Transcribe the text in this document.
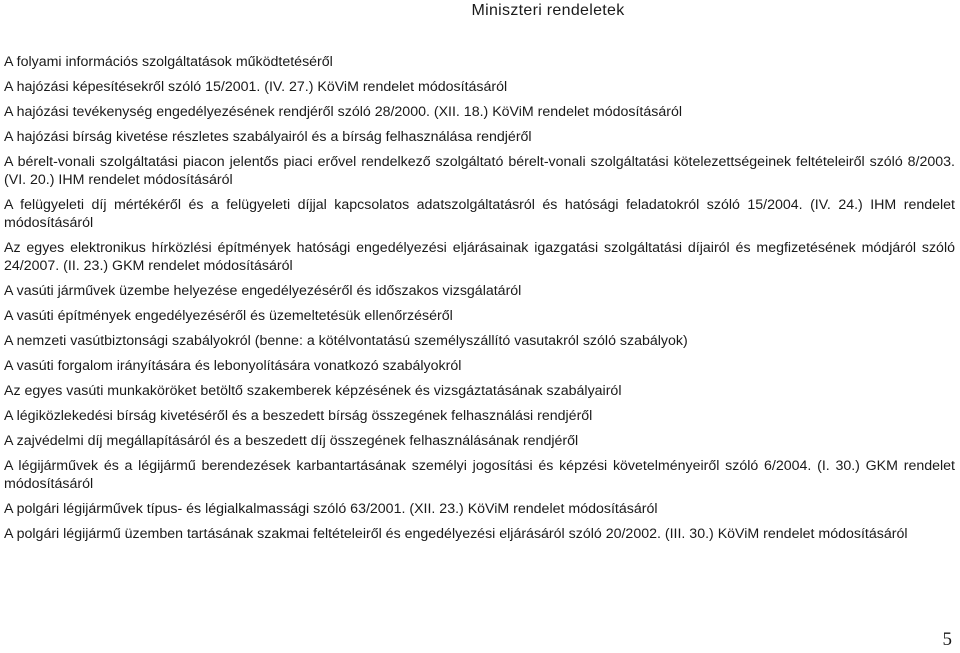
Miniszteri rendeletek

A folyami információs szolgáltatások működtetéséről

A hajózási képesítésekről szóló 15/2001. (IV. 27.) KöViM rendelet módosításáról

A hajózási tevékenység engedélyezésének rendjéről szóló 28/2000. (XII. 18.) KöViM rendelet módosításáról

A hajózási bírság kivetése részletes szabályairól és a bírság felhasználása rendjéről

A bérelt-vonali szolgáltatási piacon jelentős piaci erővel rendelkező szolgáltató bérelt-vonali szolgáltatási kötelezettségeinek feltételeiről szóló 8/2003. (VI. 20.) IHM rendelet módosításáról

A felügyeleti díj mértékéről és a felügyeleti díjjal kapcsolatos adatszolgáltatásról és hatósági feladatokról szóló 15/2004. (IV. 24.) IHM rendelet módosításáról

Az egyes elektronikus hírközlési építmények hatósági engedélyezési eljárásainak igazgatási szolgáltatási díjairól és megfizetésének módjáról szóló 24/2007. (II. 23.) GKM rendelet módosításáról

A vasúti járművek üzembe helyezése engedélyezéséről és időszakos vizsgálatáról

A vasúti építmények engedélyezéséről és üzemeltetésük ellenőrzéséről

A nemzeti vasútbiztonsági szabályokról (benne: a kötélvontatású személyszállító vasutakról szóló szabályok)

A vasúti forgalom irányítására és lebonyolítására vonatkozó szabályokról

Az egyes vasúti munkaköröket betöltő szakemberek képzésének és vizsgáztatásának szabályairól

A légiközlekedési bírság kivetéséről és a beszedett bírság összegének felhasználási rendjéről

A zajvédelmi díj megállapításáról és a beszedett díj összegének felhasználásának rendjéről

A légijárművek és a légijármű berendezések karbantartásának személyi jogosítási és képzési követelményeiről szóló 6/2004. (I. 30.) GKM rendelet módosításáról

A polgári légijárművek típus- és légialkalmassági szóló 63/2001. (XII. 23.) KöViM rendelet módosításáról

A polgári légijármű üzemben tartásának szakmai feltételeiről és engedélyezési eljárásáról szóló 20/2002. (III. 30.) KöViM rendelet módosításáról

5
